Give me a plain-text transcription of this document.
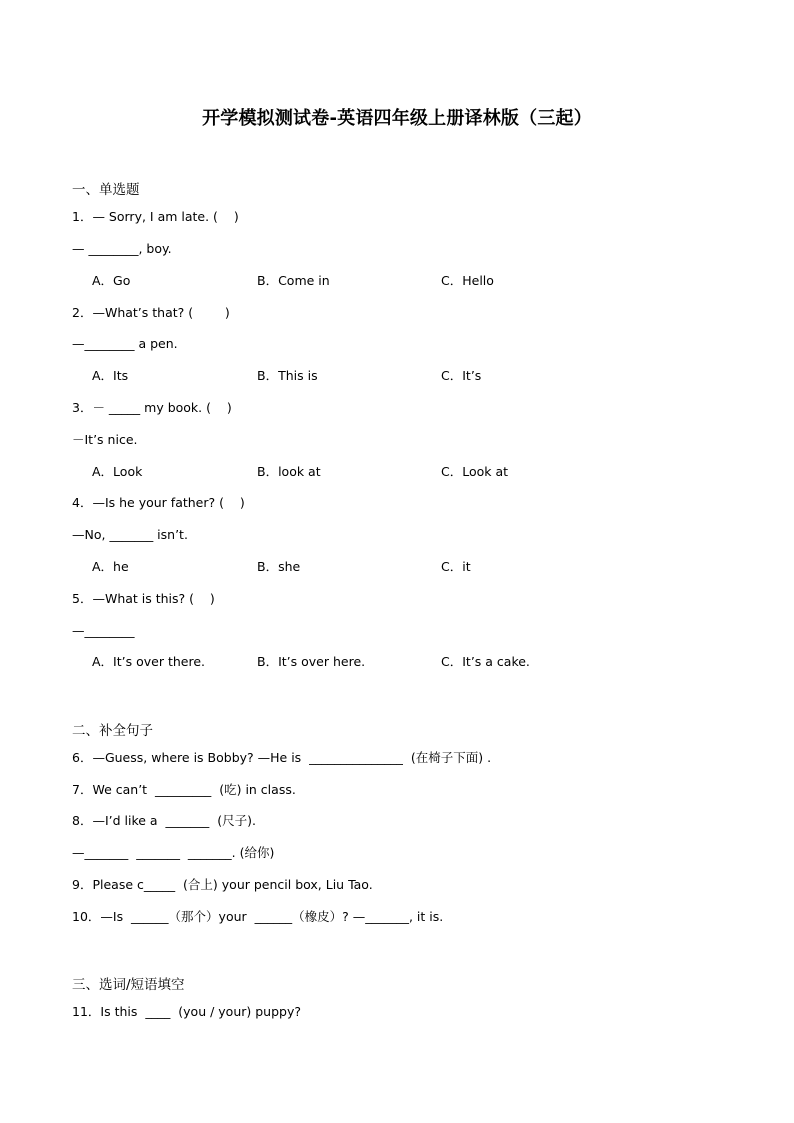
开学模拟测试卷-英语四年级上册译林版（三起）
一、单选题
1．— Sorry, I am late. (    )
— ________, boy.
A．Go	B．Come in	C．Hello
2．—What’s that? (        )
—________ a pen.
A．Its	B．This is	C．It’s
3．－ _____ my book. (    )
－It’s nice.
A．Look	B．look at	C．Look at
4．—Is he your father? (    )
—No, _______ isn’t.
A．he	B．she	C．it
5．—What is this? (    )
—________
A．It’s over there.	B．It’s over here.	C．It’s a cake.
二、补全句子
6．—Guess, where is Bobby? —He is  _______________  (在椅子下面) .
7．We can’t  _________  (吃) in class.
8．—I’d like a  _______  (尺子).
—_______  _______  _______. (给你)
9．Please c_____  (合上) your pencil box, Liu Tao.
10．—Is  ______（那个）your  ______（橡皮）? —_______, it is.
三、选词/短语填空
11．Is this  ____  (you / your) puppy?
